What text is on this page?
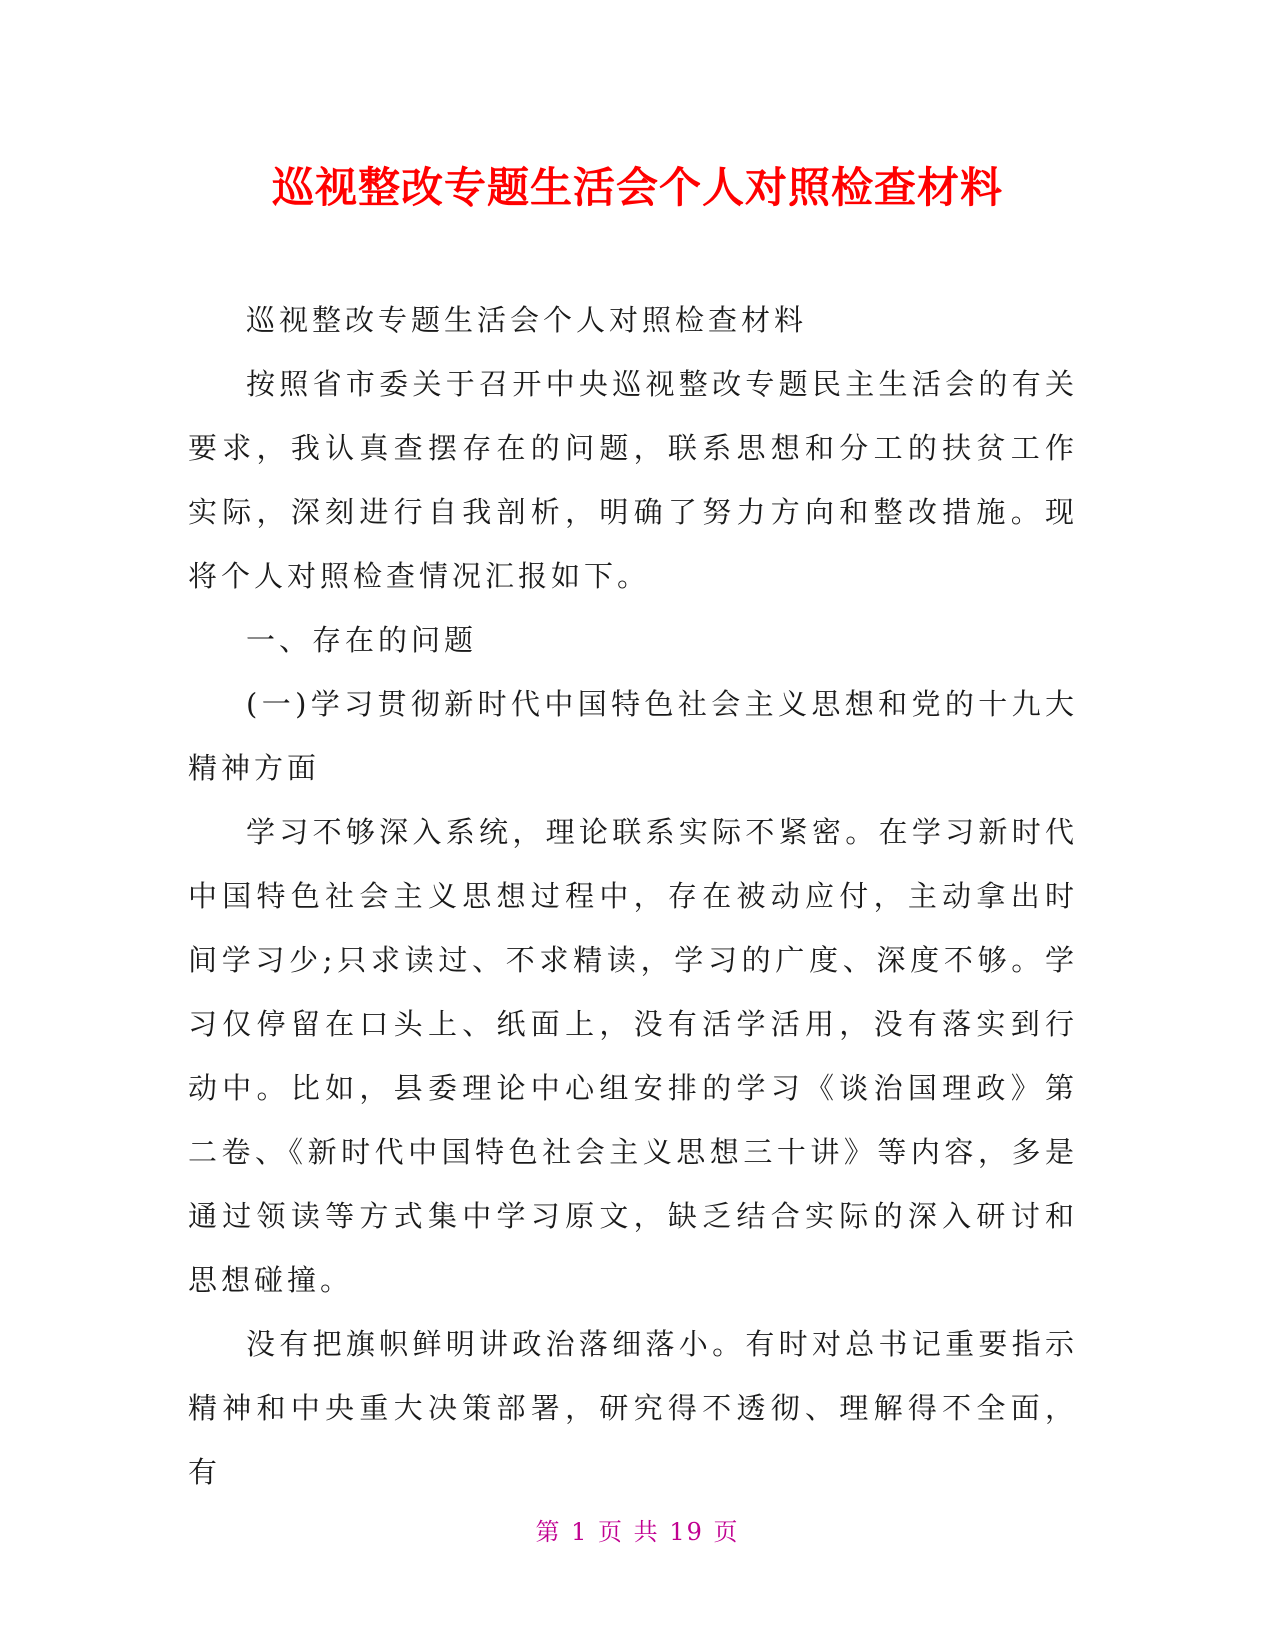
巡视整改专题生活会个人对照检查材料

巡视整改专题生活会个人对照检查材料

按照省市委关于召开中央巡视整改专题民主生活会的有关要求，我认真查摆存在的问题，联系思想和分工的扶贫工作实际，深刻进行自我剖析，明确了努力方向和整改措施。现将个人对照检查情况汇报如下。

一、存在的问题

(一)学习贯彻新时代中国特色社会主义思想和党的十九大精神方面

学习不够深入系统，理论联系实际不紧密。在学习新时代中国特色社会主义思想过程中，存在被动应付，主动拿出时间学习少;只求读过、不求精读，学习的广度、深度不够。学习仅停留在口头上、纸面上，没有活学活用，没有落实到行动中。比如，县委理论中心组安排的学习《谈治国理政》第二卷、《新时代中国特色社会主义思想三十讲》等内容，多是通过领读等方式集中学习原文，缺乏结合实际的深入研讨和思想碰撞。

没有把旗帜鲜明讲政治落细落小。有时对总书记重要指示精神和中央重大决策部署，研究得不透彻、理解得不全面，有

第 1 页 共 19 页
